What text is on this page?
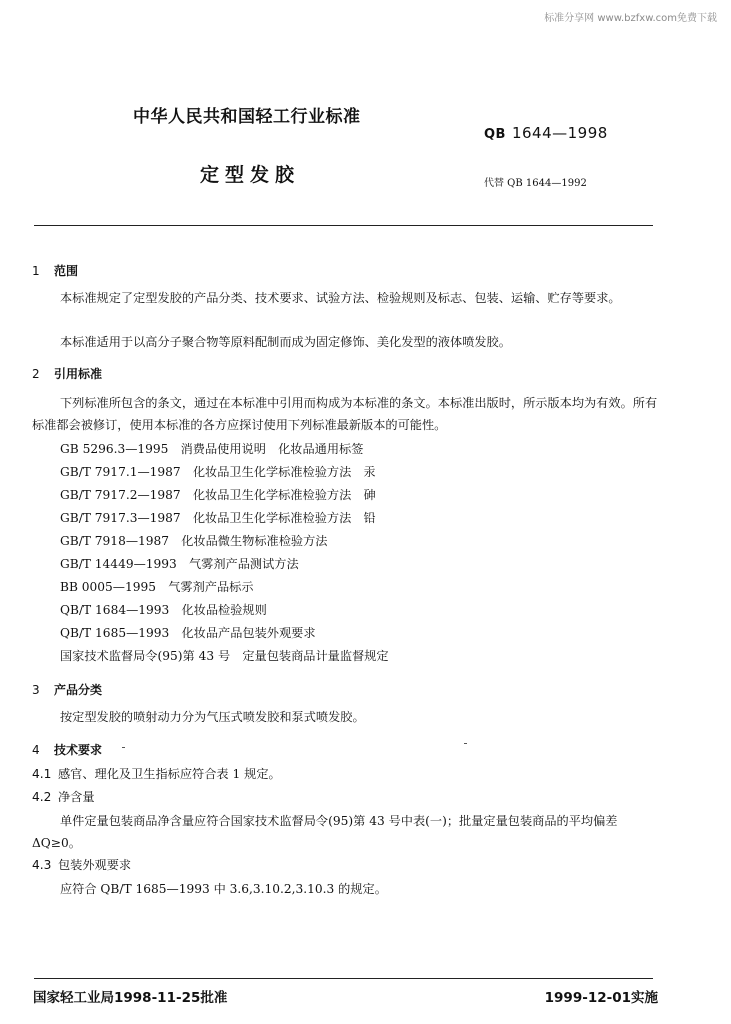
标准分享网 www.bzfxw.com免费下载
中华人民共和国轻工行业标准
QB 1644—1998
定型发胶	代替 QB 1644—1992
1 范围
本标准规定了定型发胶的产品分类、技术要求、试验方法、检验规则及标志、包装、运输、贮存等要求。
本标准适用于以高分子聚合物等原料配制而成为固定修饰、美化发型的液体喷发胶。
2 引用标准
下列标准所包含的条文，通过在本标准中引用而构成为本标准的条文。本标准出版时，所示版本均为有效。所有标准都会被修订，使用本标准的各方应探讨使用下列标准最新版本的可能性。
GB 5296.3—1995　消费品使用说明　化妆品通用标签
GB/T 7917.1—1987　化妆品卫生化学标准检验方法　汞
GB/T 7917.2—1987　化妆品卫生化学标准检验方法　砷
GB/T 7917.3—1987　化妆品卫生化学标准检验方法　铅
GB/T 7918—1987　化妆品微生物标准检验方法
GB/T 14449—1993　气雾剂产品测试方法
BB 0005—1995　气雾剂产品标示
QB/T 1684—1993　化妆品检验规则
QB/T 1685—1993　化妆品产品包装外观要求
国家技术监督局令(95)第 43 号　定量包装商品计量监督规定
3 产品分类
按定型发胶的喷射动力分为气压式喷发胶和泵式喷发胶。
4 技术要求
4.1 感官、理化及卫生指标应符合表 1 规定。
4.2 净含量
单件定量包装商品净含量应符合国家技术监督局令(95)第 43 号中表(一)；批量定量包装商品的平均偏差 ΔQ≥0。
4.3 包装外观要求
应符合 QB/T 1685—1993 中 3.6,3.10.2,3.10.3 的规定。
国家轻工业局1998-11-25批准	1999-12-01实施
